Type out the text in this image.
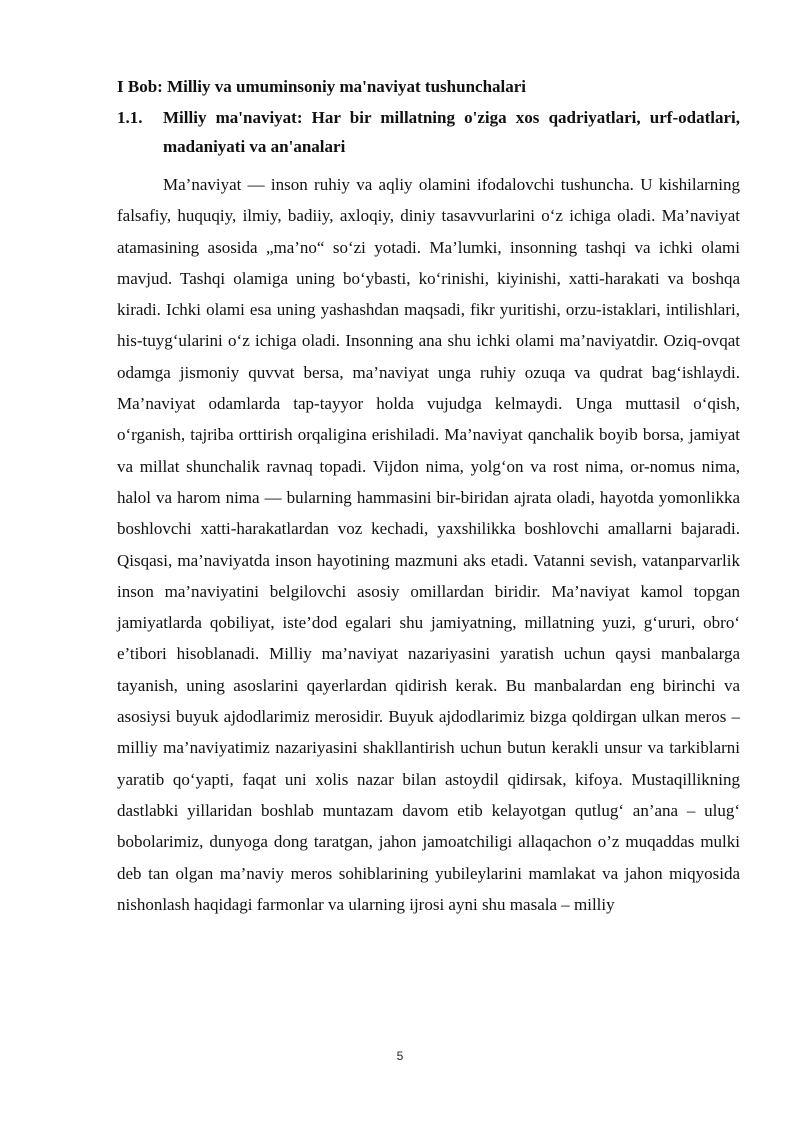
I Bob: Milliy va umuminsoniy ma'naviyat tushunchalari
1.1.	Milliy ma'naviyat: Har bir millatning o'ziga xos qadriyatlari, urf-odatlari, madaniyati va an'analari

Ma’naviyat — inson ruhiy va aqliy olamini ifodalovchi tushuncha. U kishilarning falsafiy, huquqiy, ilmiy, badiiy, axloqiy, diniy tasavvurlarini o‘z ichiga oladi. Ma’naviyat atamasining asosida „ma’no“ so‘zi yotadi. Ma’lumki, insonning tashqi va ichki olami mavjud. Tashqi olamiga uning bo‘ybasti, ko‘rinishi, kiyinishi, xatti-harakati va boshqa kiradi. Ichki olami esa uning yashashdan maqsadi, fikr yuritishi, orzu-istaklari, intilishlari, his-tuyg‘ularini o‘z ichiga oladi. Insonning ana shu ichki olami ma’naviyatdir. Oziq-ovqat odamga jismoniy quvvat bersa, ma’naviyat unga ruhiy ozuqa va qudrat bag‘ishlaydi. Ma’naviyat odamlarda tap-tayyor holda vujudga kelmaydi. Unga muttasil o‘qish, o‘rganish, tajriba orttirish orqaligina erishiladi. Ma’naviyat qanchalik boyib borsa, jamiyat va millat shunchalik ravnaq topadi. Vijdon nima, yolg‘on va rost nima, or-nomus nima, halol va harom nima — bularning hammasini bir-biridan ajrata oladi, hayotda yomonlikka boshlovchi xatti-harakatlardan voz kechadi, yaxshilikka boshlovchi amallarni bajaradi. Qisqasi, ma’naviyatda inson hayotining mazmuni aks etadi. Vatanni sevish, vatanparvarlik inson ma’naviyatini belgilovchi asosiy omillardan biridir. Ma’naviyat kamol topgan jamiyatlarda qobiliyat, iste’dod egalari shu jamiyatning, millatning yuzi, g‘ururi, obro‘ e’tibori hisoblanadi. Milliy ma’naviyat nazariyasini yaratish uchun qaysi manbalarga tayanish, uning asoslarini qayerlardan qidirish kerak. Bu manbalardan eng birinchi va asosiysi buyuk ajdodlarimiz merosidir. Buyuk ajdodlarimiz bizga qoldirgan ulkan meros – milliy ma’naviyatimiz nazariyasini shakllantirish uchun butun kerakli unsur va tarkiblarni yaratib qo‘yapti, faqat uni xolis nazar bilan astoydil qidirsak, kifoya. Mustaqillikning dastlabki yillaridan boshlab muntazam davom etib kelayotgan qutlug‘ an’ana – ulug‘ bobolarimiz, dunyoga dong taratgan, jahon jamoatchiligi allaqachon o’z muqaddas mulki deb tan olgan ma’naviy meros sohiblarining yubileylarini mamlakat va jahon miqyosida nishonlash haqidagi farmonlar va ularning ijrosi ayni shu masala – milliy

5
